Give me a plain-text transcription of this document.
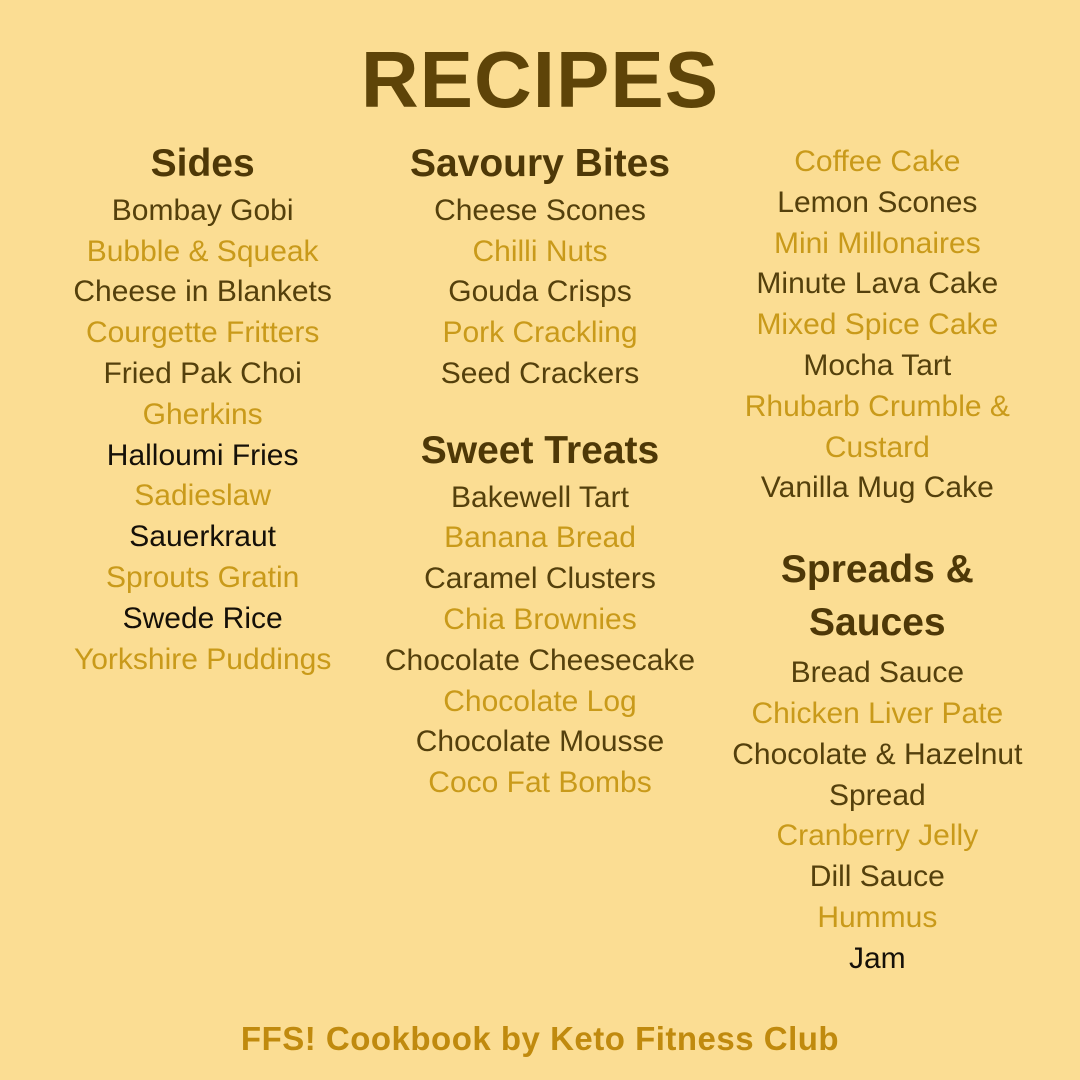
RECIPES
Sides
Bombay Gobi
Bubble & Squeak
Cheese in Blankets
Courgette Fritters
Fried Pak Choi
Gherkins
Halloumi Fries
Sadieslaw
Sauerkraut
Sprouts Gratin
Swede Rice
Yorkshire Puddings
Savoury Bites
Cheese Scones
Chilli Nuts
Gouda Crisps
Pork Crackling
Seed Crackers
Sweet Treats
Bakewell Tart
Banana Bread
Caramel Clusters
Chia Brownies
Chocolate Cheesecake
Chocolate Log
Chocolate Mousse
Coco Fat Bombs
Coffee Cake
Lemon Scones
Mini Millonaires
Minute Lava Cake
Mixed Spice Cake
Mocha Tart
Rhubarb Crumble & Custard
Vanilla Mug Cake
Spreads & Sauces
Bread Sauce
Chicken Liver Pate
Chocolate & Hazelnut Spread
Cranberry Jelly
Dill Sauce
Hummus
Jam
FFS! Cookbook by Keto Fitness Club
